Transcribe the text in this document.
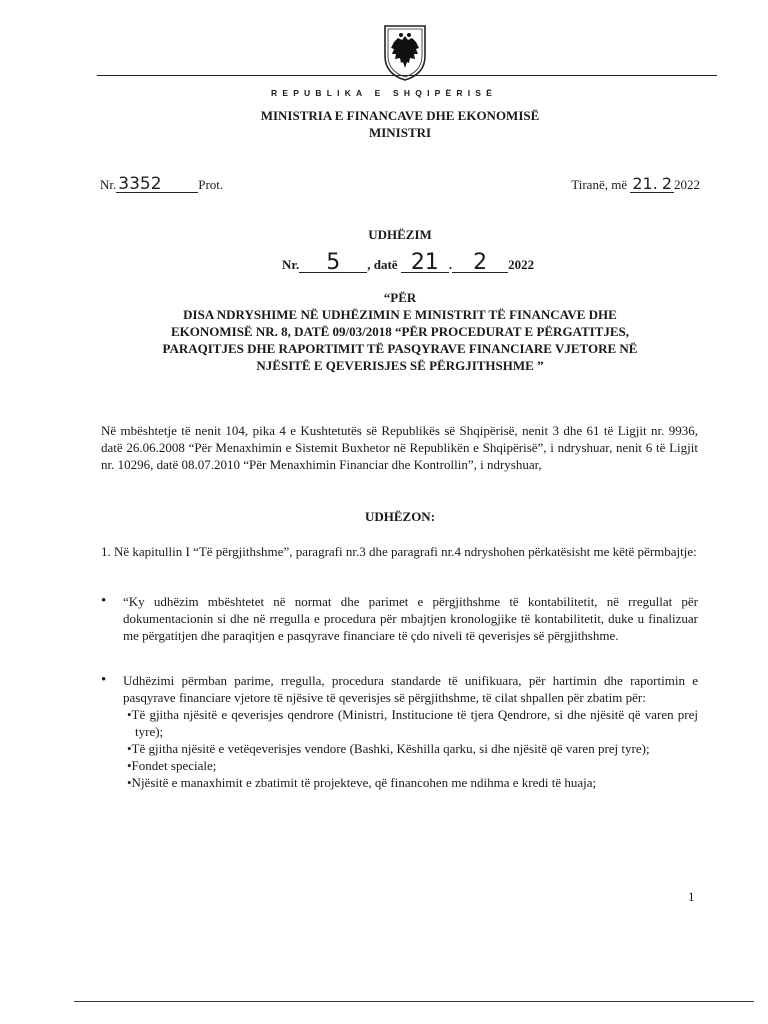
REPUBLIKA E SHQIPËRISË
MINISTRIA E FINANCAVE DHE EKONOMISË
MINISTRI
Nr. 3352	Prot.	Tiranë, më 21. 2 2022
UDHËZIM
Nr. 5 , datë 21 . 2 2022
“PËR
DISA NDRYSHIME NË UDHËZIMIN E MINISTRIT TË FINANCAVE DHE
EKONOMISË NR. 8, DATË 09/03/2018 “PËR PROCEDURAT E PËRGATITJES,
PARAQITJES DHE RAPORTIMIT TË PASQYRAVE FINANCIARE VJETORE NË
NJËSITË E QEVERISJES SË PËRGJITHSHME ”
Në mbështetje të nenit 104, pika 4 e Kushtetutës së Republikës së Shqipërisë, nenit 3 dhe 61 të Ligjit nr. 9936, datë 26.06.2008 “Për Menaxhimin e Sistemit Buxhetor në Republikën e Shqipërisë”, i ndryshuar, nenit 6 të Ligjit nr. 10296, datë 08.07.2010 “Për Menaxhimin Financiar dhe Kontrollin”, i ndryshuar,
UDHËZON:
1. Në kapitullin I “Të përgjithshme”, paragrafi nr.3 dhe paragrafi nr.4 ndryshohen përkatësisht me këtë përmbajtje:
• “Ky udhëzim mbështetet në normat dhe parimet e përgjithshme të kontabilitetit, në rregullat për dokumentacionin si dhe në rregulla e procedura për mbajtjen kronologjike të kontabilitetit, duke u finalizuar me përgatitjen dhe paraqitjen e pasqyrave financiare të çdo niveli të qeverisjes së përgjithshme.
• Udhëzimi përmban parime, rregulla, procedura standarde të unifikuara, për hartimin dhe raportimin e pasqyrave financiare vjetore të njësive të qeverisjes së përgjithshme, të cilat shpallen për zbatim për:
•Të gjitha njësitë e qeverisjes qendrore (Ministri, Institucione të tjera Qendrore, si dhe njësitë që varen prej tyre);
•Të gjitha njësitë e vetëqeverisjes vendore (Bashki, Këshilla qarku, si dhe njësitë që varen prej tyre);
•Fondet speciale;
•Njësitë e manaxhimit e zbatimit të projekteve, që financohen me ndihma e kredi të huaja;
1
